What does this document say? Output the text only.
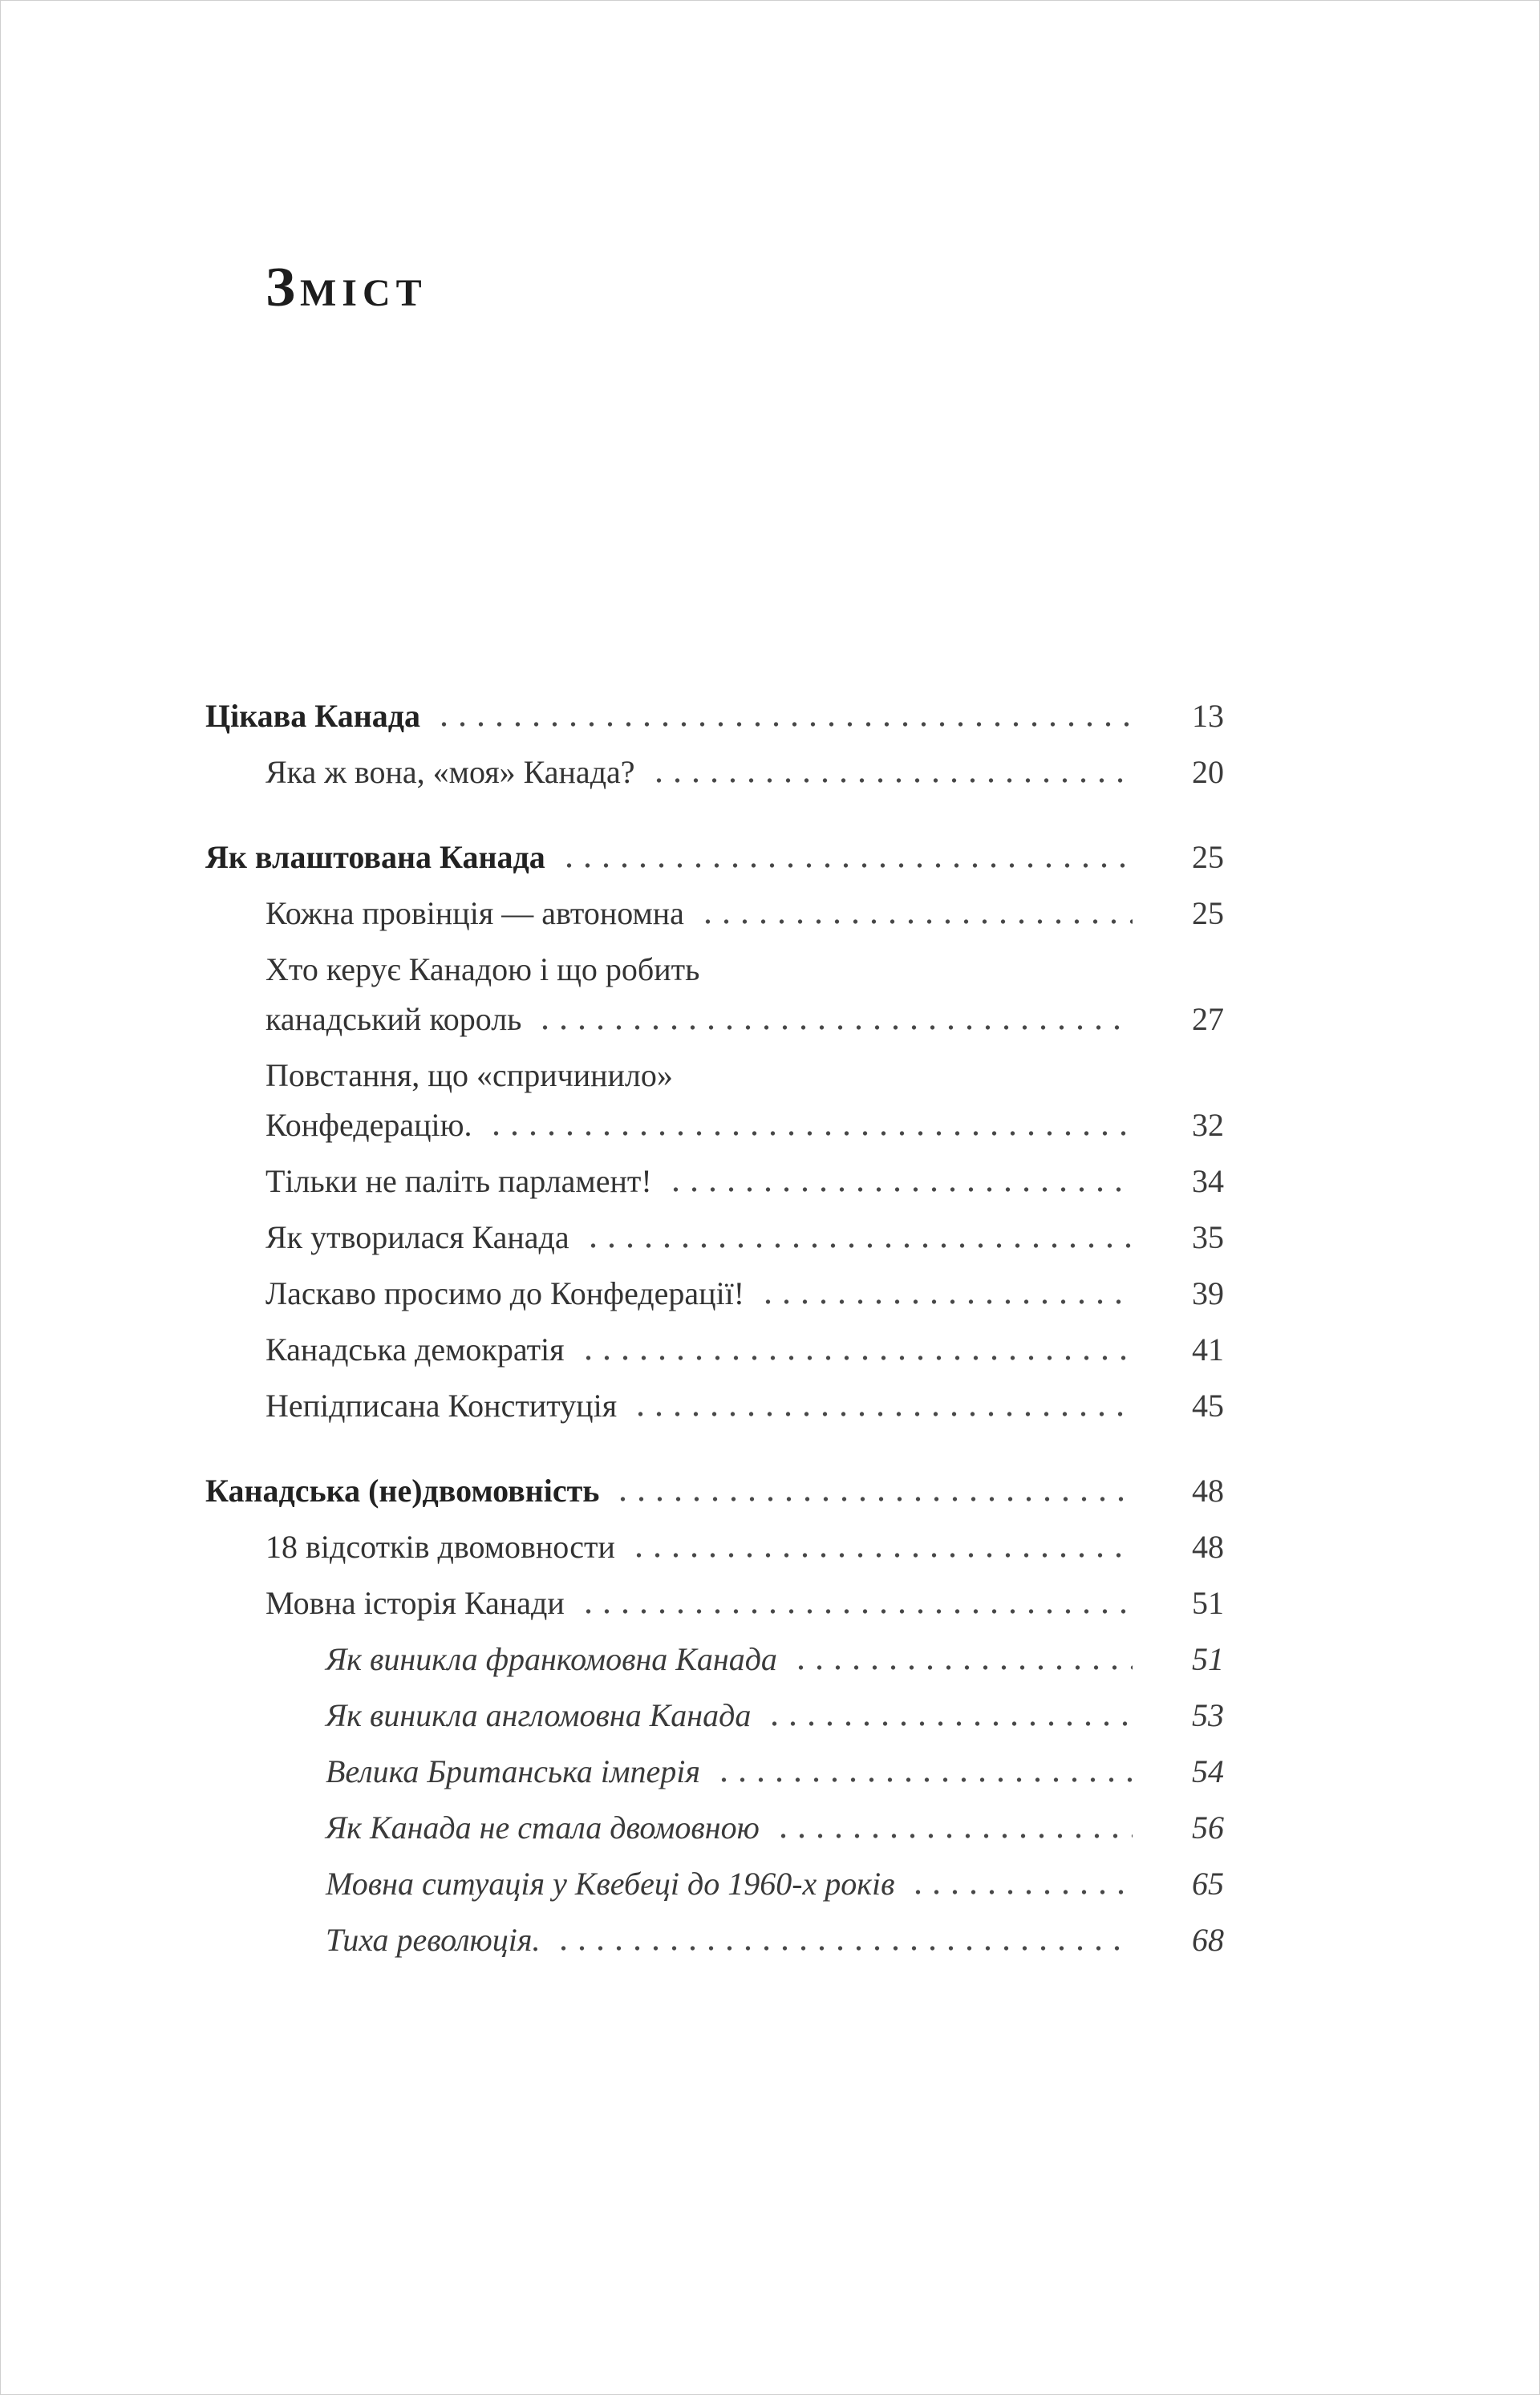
ЗМІСТ
Цікава Канада	13
Яка ж вона, «моя» Канада?	20
Як влаштована Канада	25
Кожна провінція — автономна	25
Хто керує Канадою і що робить
канадський король	27
Повстання, що «спричинило»
Конфедерацію.	32
Тільки не паліть парламент!	34
Як утворилася Канада	35
Ласкаво просимо до Конфедерації!	39
Канадська демократія	41
Непідписана Конституція	45
Канадська (не)двомовність	48
18 відсотків двомовности	48
Мовна історія Канади	51
Як виникла франкомовна Канада	51
Як виникла англомовна Канада	53
Велика Британська імперія	54
Як Канада не стала двомовною	56
Мовна ситуація у Квебеці до 1960-х років	65
Тиха революція.	68
